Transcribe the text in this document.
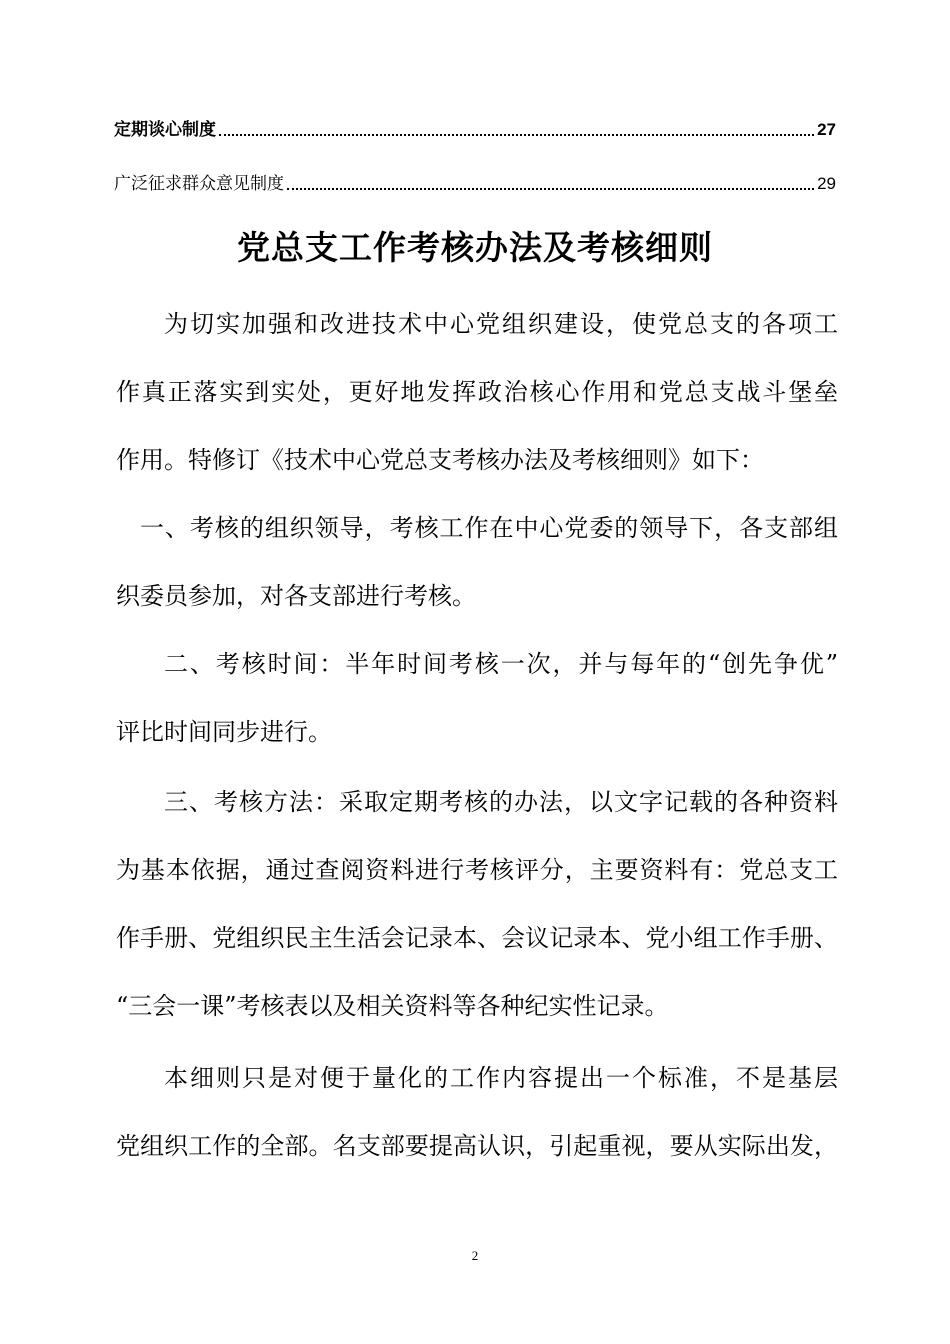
定期谈心制度	27
广泛征求群众意见制度	29
党总支工作考核办法及考核细则
为切实加强和改进技术中心党组织建设，使党总支的各项工
作真正落实到实处，更好地发挥政治核心作用和党总支战斗堡垒
作用。特修订《技术中心党总支考核办法及考核细则》如下：
一、考核的组织领导，考核工作在中心党委的领导下，各支部组
织委员参加，对各支部进行考核。
二、考核时间：半年时间考核一次，并与每年的“创先争优”
评比时间同步进行。
三、考核方法：采取定期考核的办法，以文字记载的各种资料
为基本依据，通过查阅资料进行考核评分，主要资料有：党总支工
作手册、党组织民主生活会记录本、会议记录本、党小组工作手册、
“三会一课”考核表以及相关资料等各种纪实性记录。
本细则只是对便于量化的工作内容提出一个标准，不是基层
党组织工作的全部。名支部要提高认识，引起重视，要从实际出发，
2
